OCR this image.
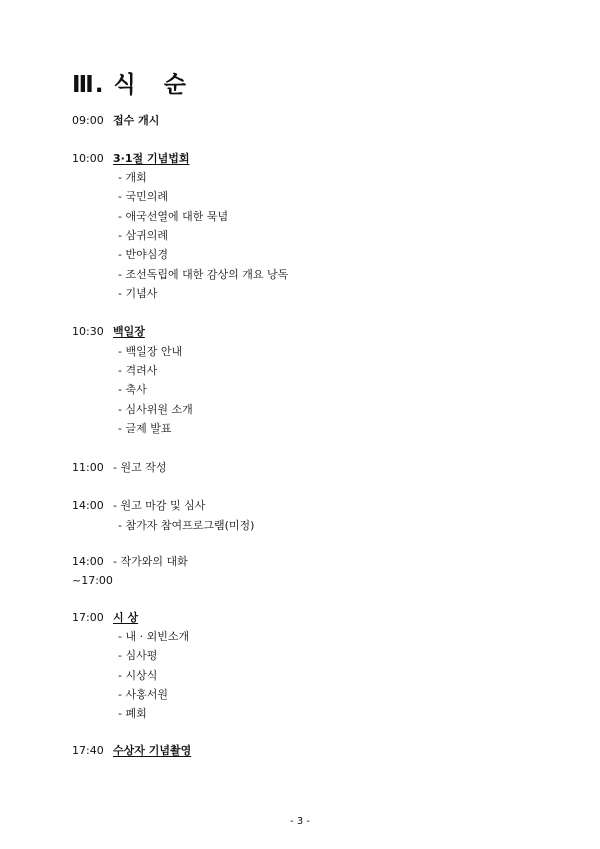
Ⅲ. 식   순
09:00 접수 개시
10:00 3·1절 기념법회
- 개회
- 국민의례
- 애국선열에 대한 묵념
- 삼귀의례
- 반야심경
- 조선독립에 대한 감상의 개요 낭독
- 기념사
10:30 백일장
- 백일장 안내
- 격려사
- 축사
- 심사위원 소개
- 글제 발표
11:00 - 원고 작성
14:00 - 원고 마감 및 심사
- 참가자 참여프로그램(미정)
14:00 - 작가와의 대화
~17:00
17:00 시 상
- 내 · 외빈소개
- 심사평
- 시상식
- 사홍서원
- 폐회
17:40 수상자 기념촬영
- 3 -
